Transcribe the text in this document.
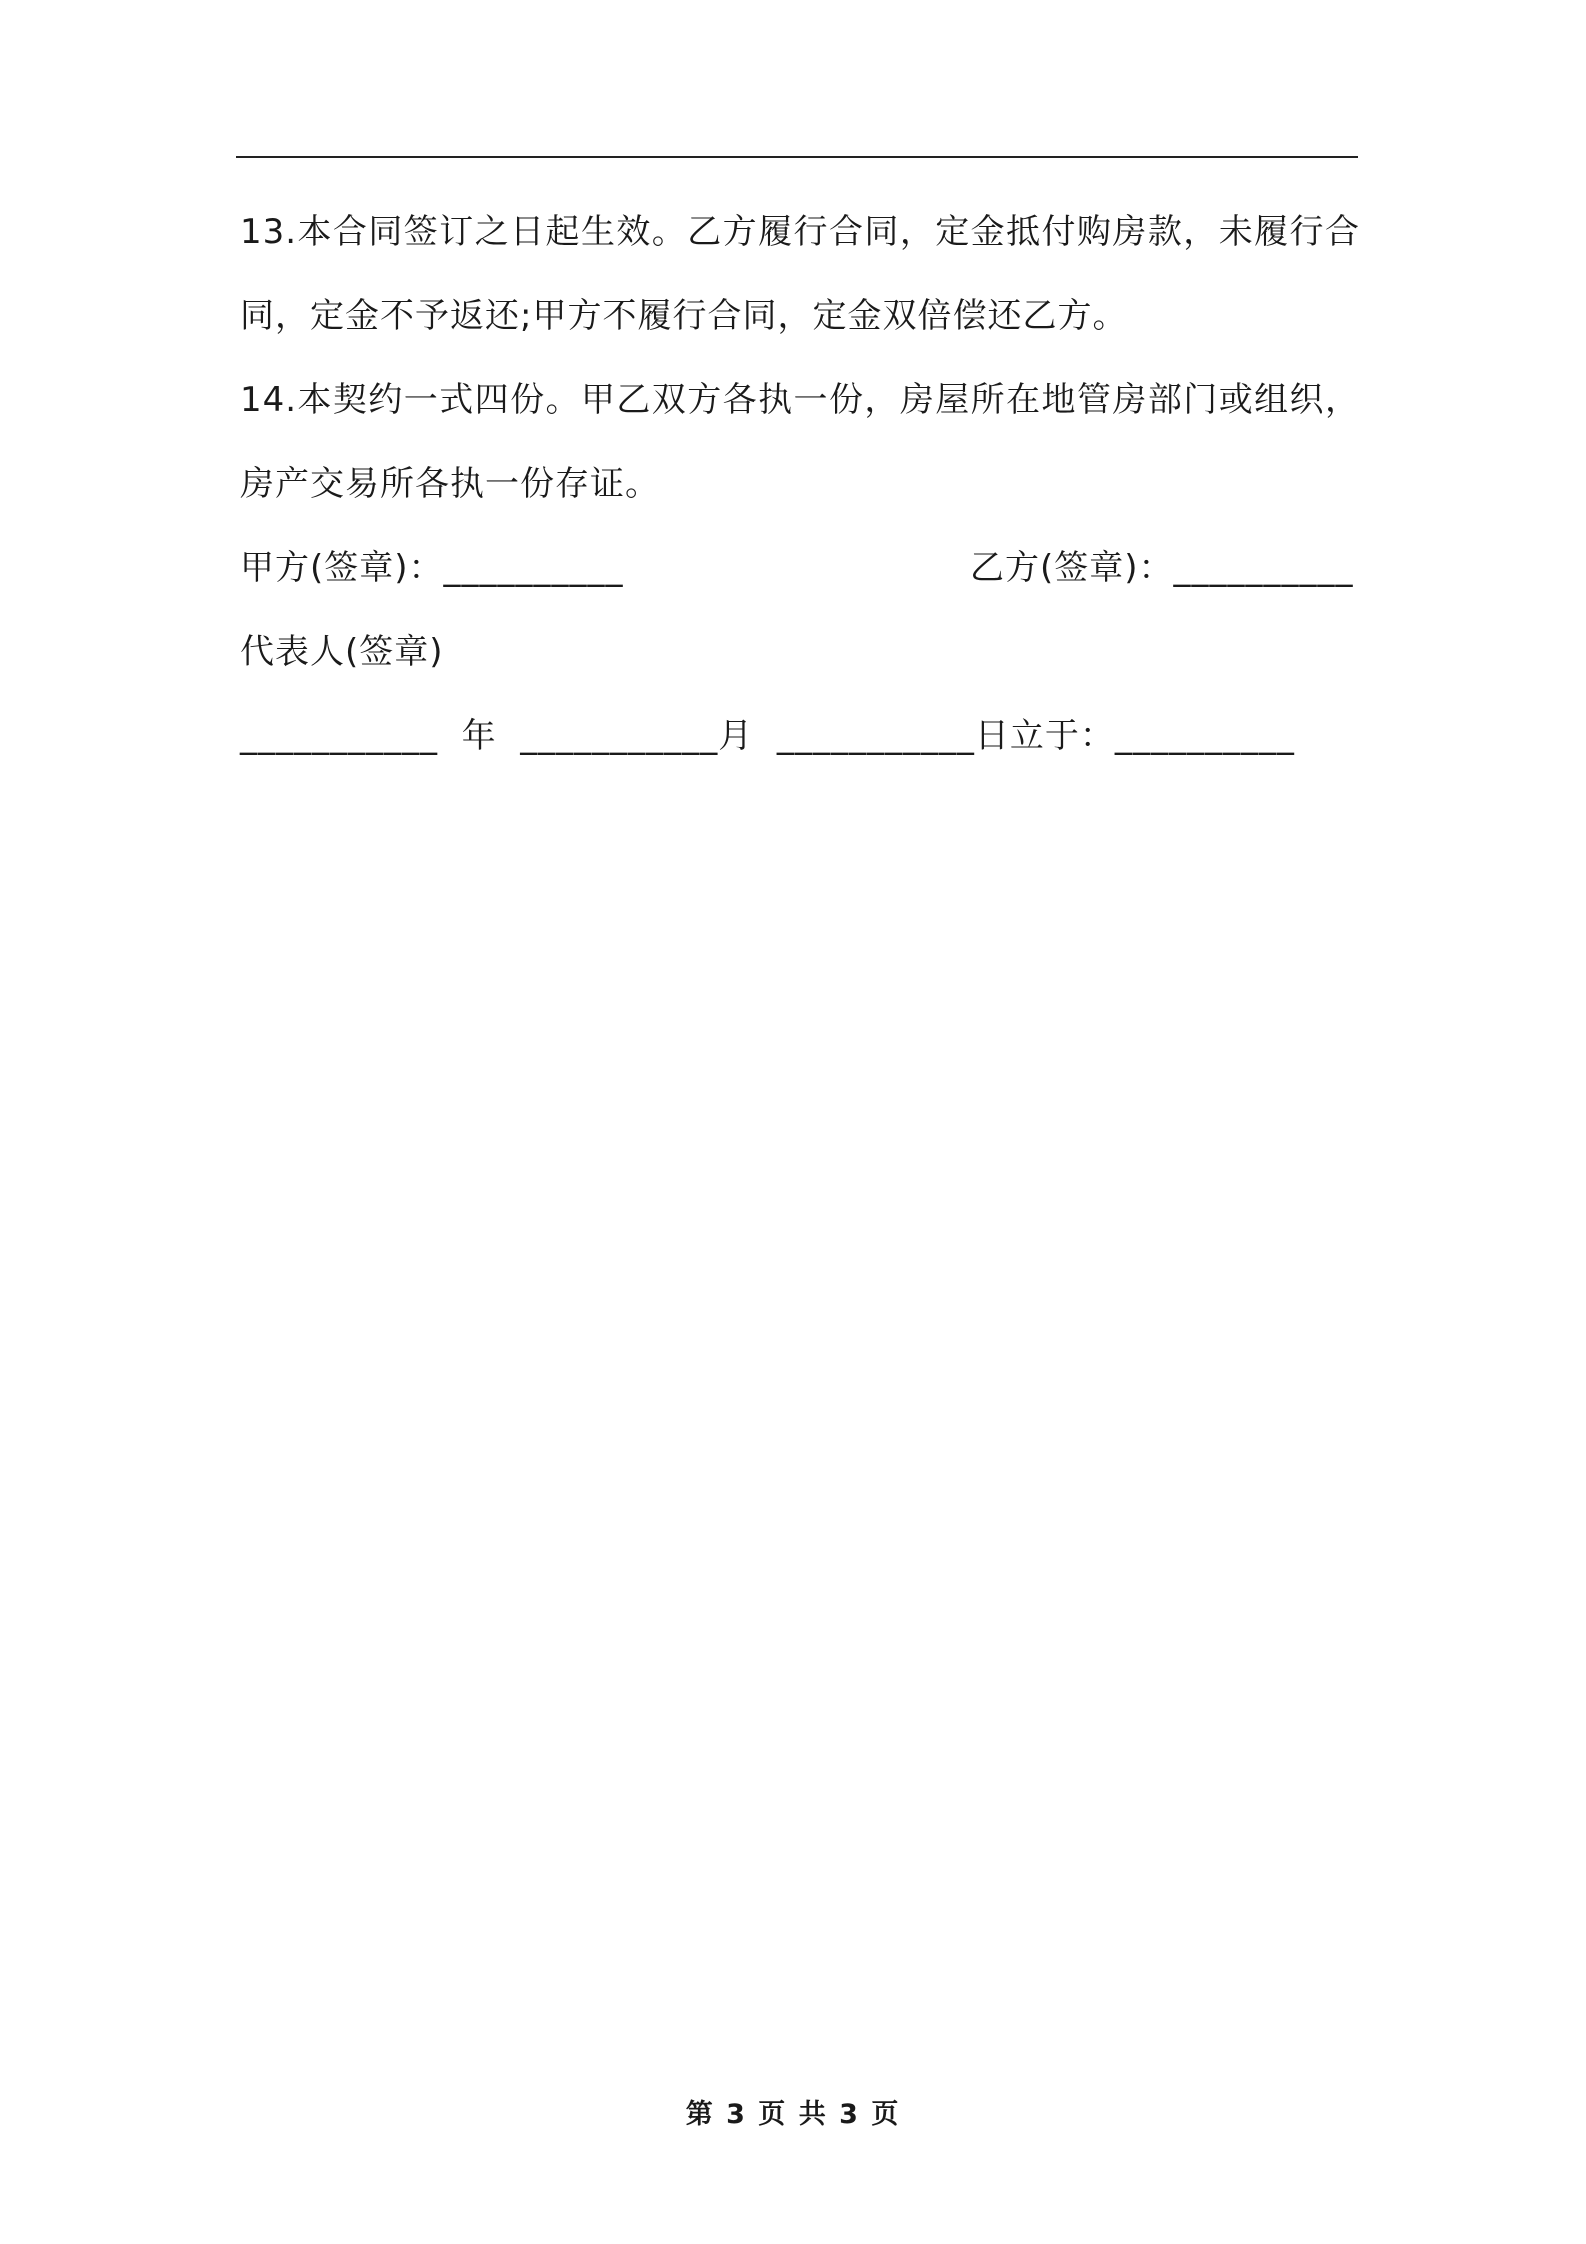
13.本合同签订之日起生效。乙方履行合同，定金抵付购房款，未履行合同，定金不予返还;甲方不履行合同，定金双倍偿还乙方。

14.本契约一式四份。甲乙双方各执一份，房屋所在地管房部门或组织，房产交易所各执一份存证。

甲方(签章)：__________	乙方(签章)：__________
代表人(签章)
___________  年  ___________月  ___________日立于：__________
第 3 页 共 3 页
